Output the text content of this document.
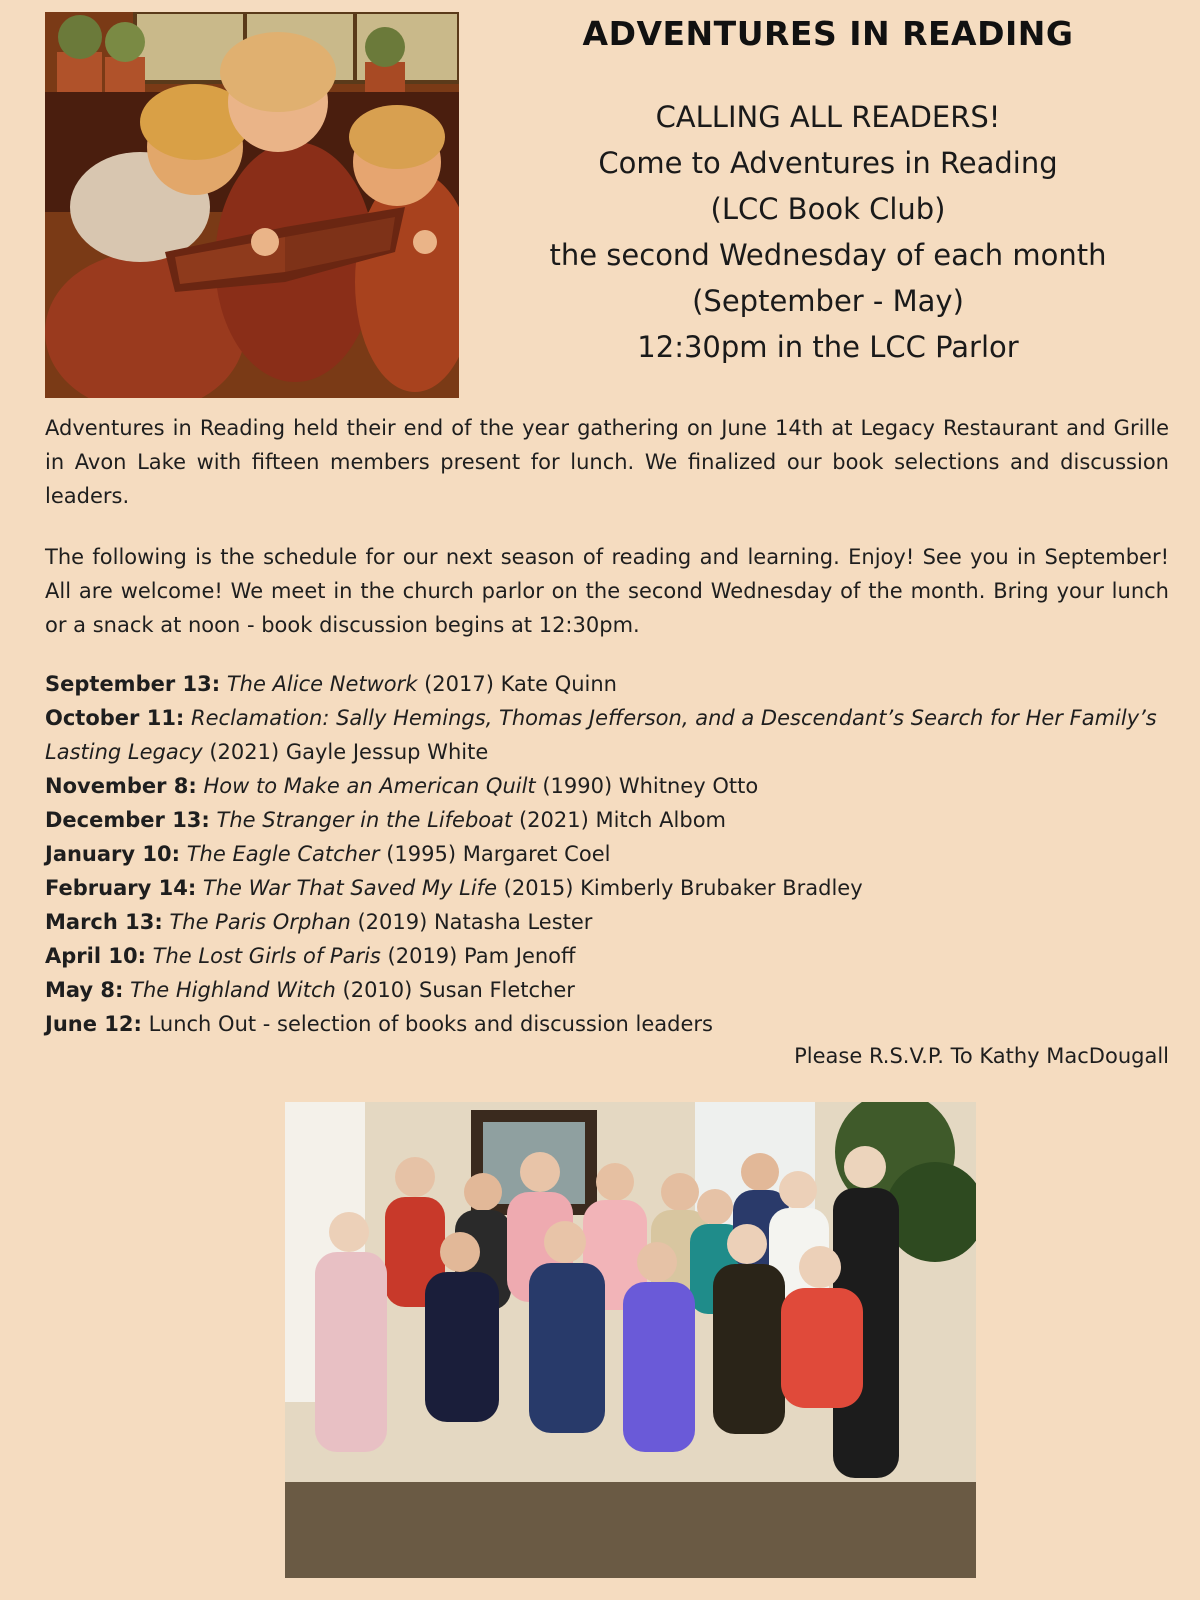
ADVENTURES IN READING
CALLING ALL READERS!
Come to Adventures in Reading
(LCC Book Club)
the second Wednesday of each month
(September - May)
12:30pm in the LCC Parlor
Adventures in Reading held their end of the year gathering on June 14th at Legacy Restaurant and Grille in Avon Lake with fifteen members present for lunch. We finalized our book selections and discussion leaders.
The following is the schedule for our next season of reading and learning. Enjoy! See you in September! All are welcome! We meet in the church parlor on the second Wednesday of the month. Bring your lunch or a snack at noon - book discussion begins at 12:30pm.
September 13: The Alice Network (2017) Kate Quinn
October 11: Reclamation: Sally Hemings, Thomas Jefferson, and a Descendant’s Search for Her Family’s Lasting Legacy (2021) Gayle Jessup White
November 8: How to Make an American Quilt (1990) Whitney Otto
December 13: The Stranger in the Lifeboat (2021) Mitch Albom
January 10: The Eagle Catcher (1995) Margaret Coel
February 14: The War That Saved My Life (2015) Kimberly Brubaker Bradley
March 13: The Paris Orphan (2019) Natasha Lester
April 10: The Lost Girls of Paris (2019) Pam Jenoff
May 8: The Highland Witch (2010) Susan Fletcher
June 12: Lunch Out - selection of books and discussion leaders
Please R.S.V.P. To Kathy MacDougall
